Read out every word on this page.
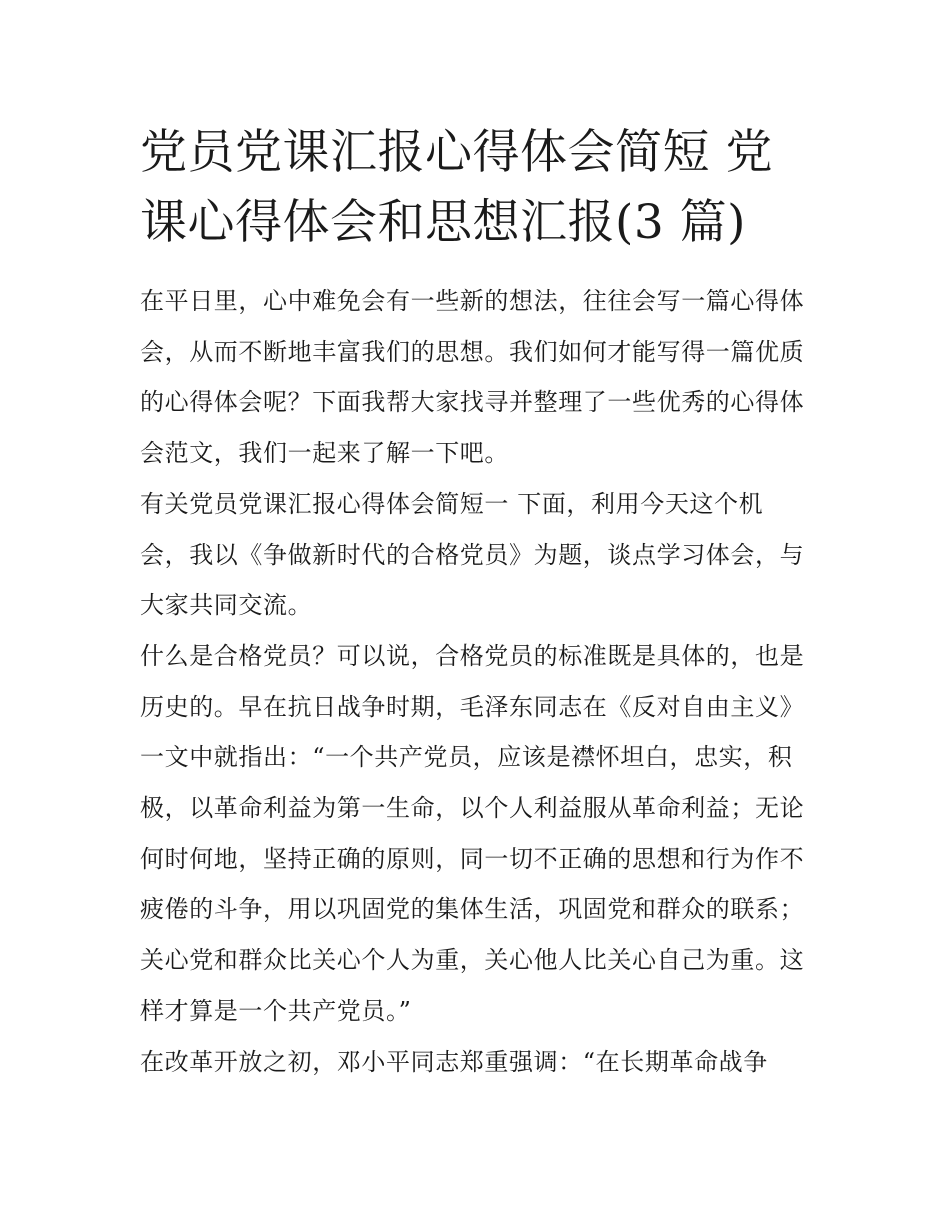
党员党课汇报心得体会简短 党
课心得体会和思想汇报(3 篇)

在平日里，心中难免会有一些新的想法，往往会写一篇心得体
会，从而不断地丰富我们的思想。我们如何才能写得一篇优质
的心得体会呢？下面我帮大家找寻并整理了一些优秀的心得体
会范文，我们一起来了解一下吧。

有关党员党课汇报心得体会简短一 下面，利用今天这个机
会，我以《争做新时代的合格党员》为题，谈点学习体会，与
大家共同交流。

什么是合格党员？可以说，合格党员的标准既是具体的，也是
历史的。早在抗日战争时期，毛泽东同志在《反对自由主义》
一文中就指出：“一个共产党员，应该是襟怀坦白，忠实，积
极，以革命利益为第一生命，以个人利益服从革命利益；无论
何时何地，坚持正确的原则，同一切不正确的思想和行为作不
疲倦的斗争，用以巩固党的集体生活，巩固党和群众的联系；
关心党和群众比关心个人为重，关心他人比关心自己为重。这
样才算是一个共产党员。”

在改革开放之初，邓小平同志郑重强调：“在长期革命战争
